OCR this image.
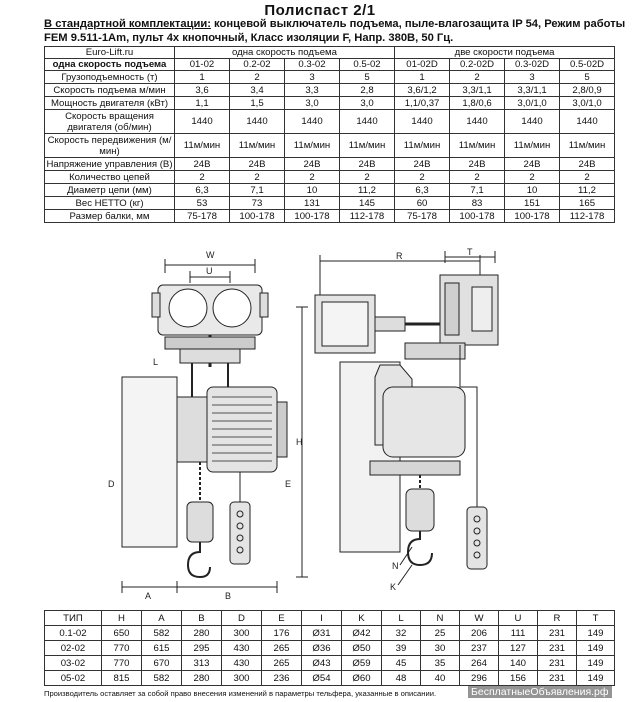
Полиспаст 2/1
В стандартной комплектации: концевой выключатель подъема, пыле-влагозащита IP 54, Режим работы FEM 9.511-1Am, пульт 4х кнопочный, Класс изоляции F, Напр. 380В, 50 Гц.
Euro-Lift.ru	одна скорость подъема				две скорости подъема			
одна скорость подъема	01-02	0.2-02	0.3-02	0.5-02	01-02D	0.2-02D	0.3-02D	0.5-02D
Грузоподъемность (т)	1	2	3	5	1	2	3	5
Скорость подъема м/мин	3,6	3,4	3,3	2,8	3,6/1,2	3,3/1,1	3,3/1,1	2,8/0,9
Мощность двигателя (кВт)	1,1	1,5	3,0	3,0	1,1/0,37	1,8/0,6	3,0/1,0	3,0/1,0
Скорость вращения двигателя (об/мин)	1440	1440	1440	1440	1440	1440	1440	1440
Скорость передвижения (м/мин)	11м/мин	11м/мин	11м/мин	11м/мин	11м/мин	11м/мин	11м/мин	11м/мин
Напряжение управления (В)	24В	24В	24В	24В	24В	24В	24В	24В
Количество цепей	2	2	2	2	2	2	2	2
Диаметр цепи (мм)	6,3	7,1	10	11,2	6,3	7,1	10	11,2
Вес НЕТТО (кг)	53	73	131	145	60	83	151	165
Размер балки, мм	75-178	100-178	100-178	112-178	75-178	100-178	100-178	112-178
W
U
L
H
R	T
N
K
A	B
D	E
ТИП	H	A	B	D	E	I	K	L	N	W	U	R	T
0.1-02	650	582	280	300	176	Ø31	Ø42	32	25	206	111	231	149
02-02	770	615	295	430	265	Ø36	Ø50	39	30	237	127	231	149
03-02	770	670	313	430	265	Ø43	Ø59	45	35	264	140	231	149
05-02	815	582	280	300	236	Ø54	Ø60	48	40	296	156	231	149
Производитель оставляет за собой право внесения изменений в параметры тельфера, указанные в описании.	БесплатныеОбъявления.рф
